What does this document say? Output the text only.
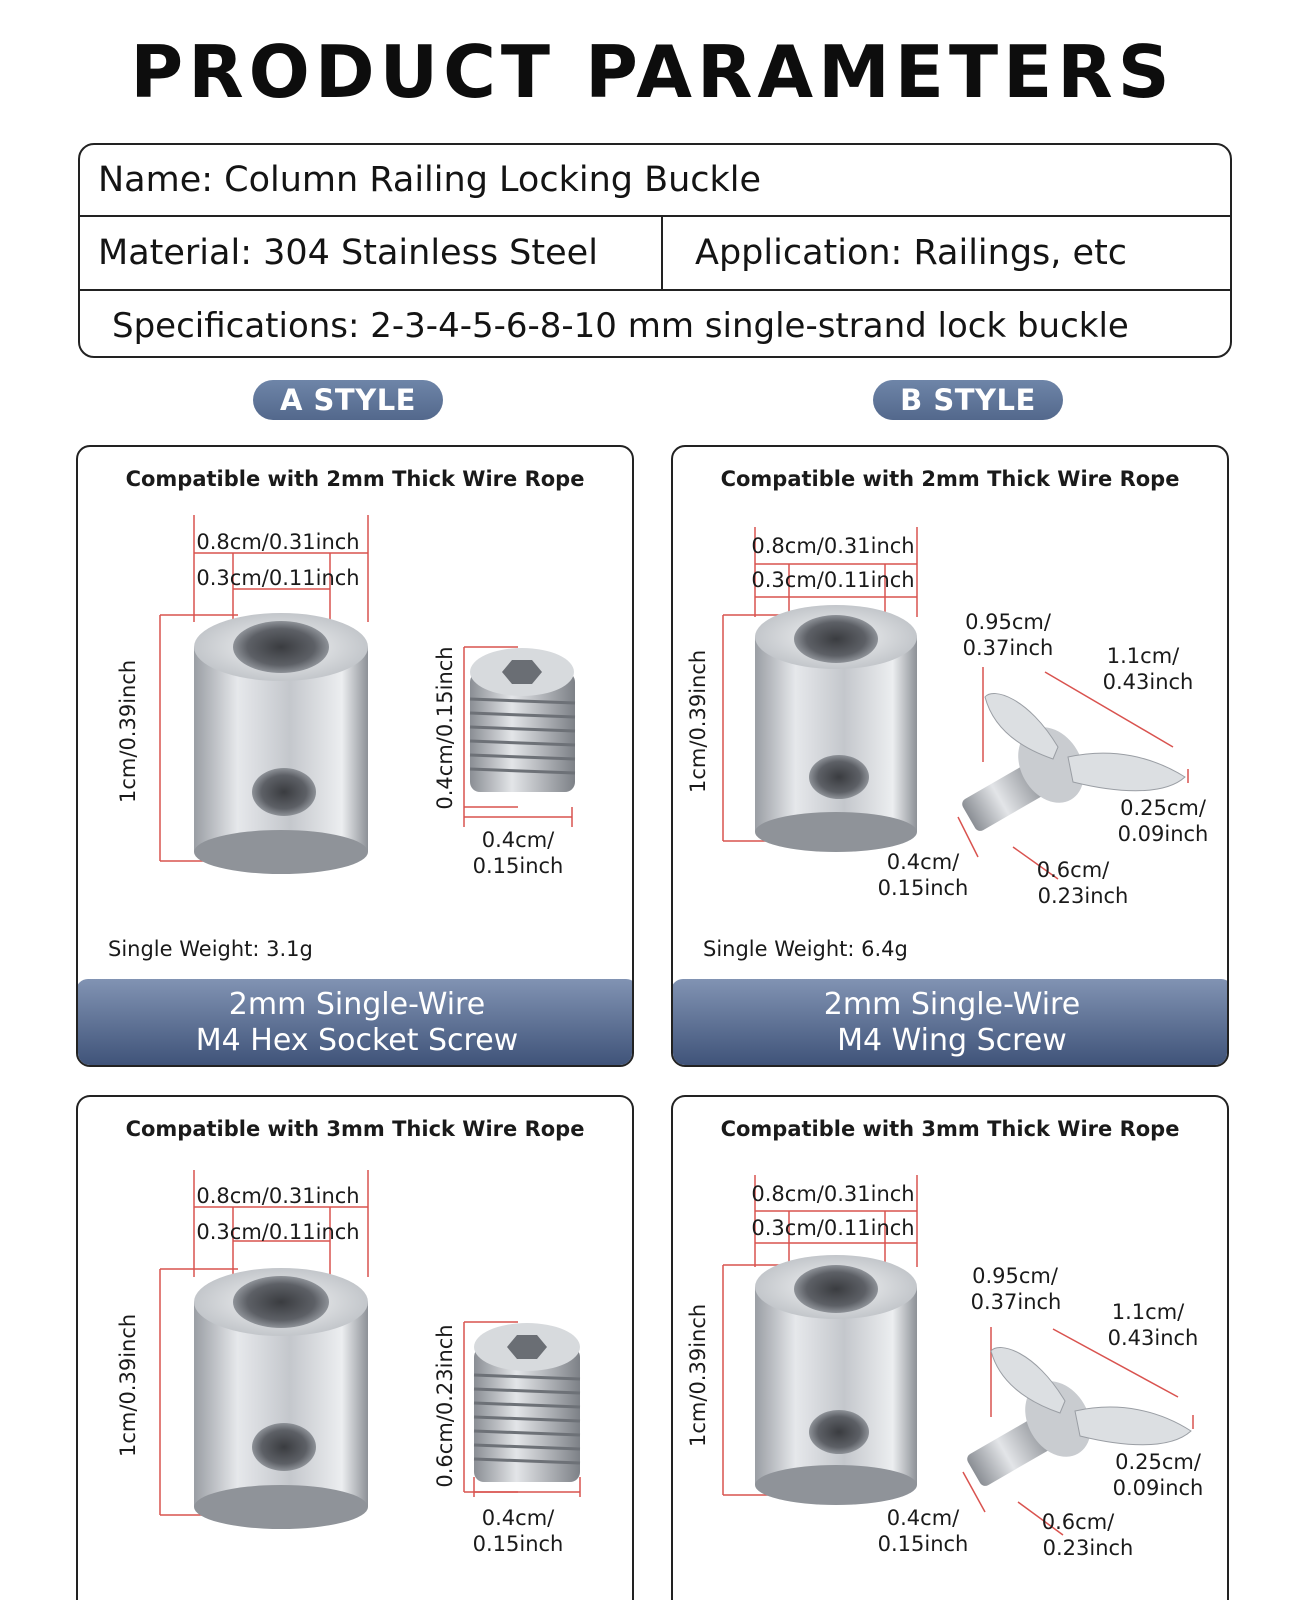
PRODUCT PARAMETERS
Name: Column Railing Locking Buckle
Material: 304 Stainless Steel	Application: Railings, etc
Specifications: 2-3-4-5-6-8-10 mm single-strand lock buckle
A STYLE	B STYLE
Compatible with 2mm Thick Wire Rope
0.8cm/0.31inch
0.3cm/0.11inch
1cm/0.39inch	0.4cm/0.15inch
0.4cm/
0.15inch
Single Weight: 3.1g
2mm Single-Wire
M4 Hex Socket Screw
Compatible with 2mm Thick Wire Rope
0.8cm/0.31inch
0.3cm/0.11inch
1cm/0.39inch
0.95cm/
0.37inch	1.1cm/
0.43inch
0.25cm/
0.09inch
0.4cm/
0.15inch
0.6cm/
0.23inch
Single Weight: 6.4g
2mm Single-Wire
M4 Wing Screw
Compatible with 3mm Thick Wire Rope
0.8cm/0.31inch
0.3cm/0.11inch
1cm/0.39inch	0.6cm/0.23inch
0.4cm/
0.15inch
Compatible with 3mm Thick Wire Rope
0.8cm/0.31inch
0.3cm/0.11inch
1cm/0.39inch
0.95cm/
0.37inch	1.1cm/
0.43inch
0.25cm/
0.09inch
0.4cm/
0.15inch
0.6cm/
0.23inch
